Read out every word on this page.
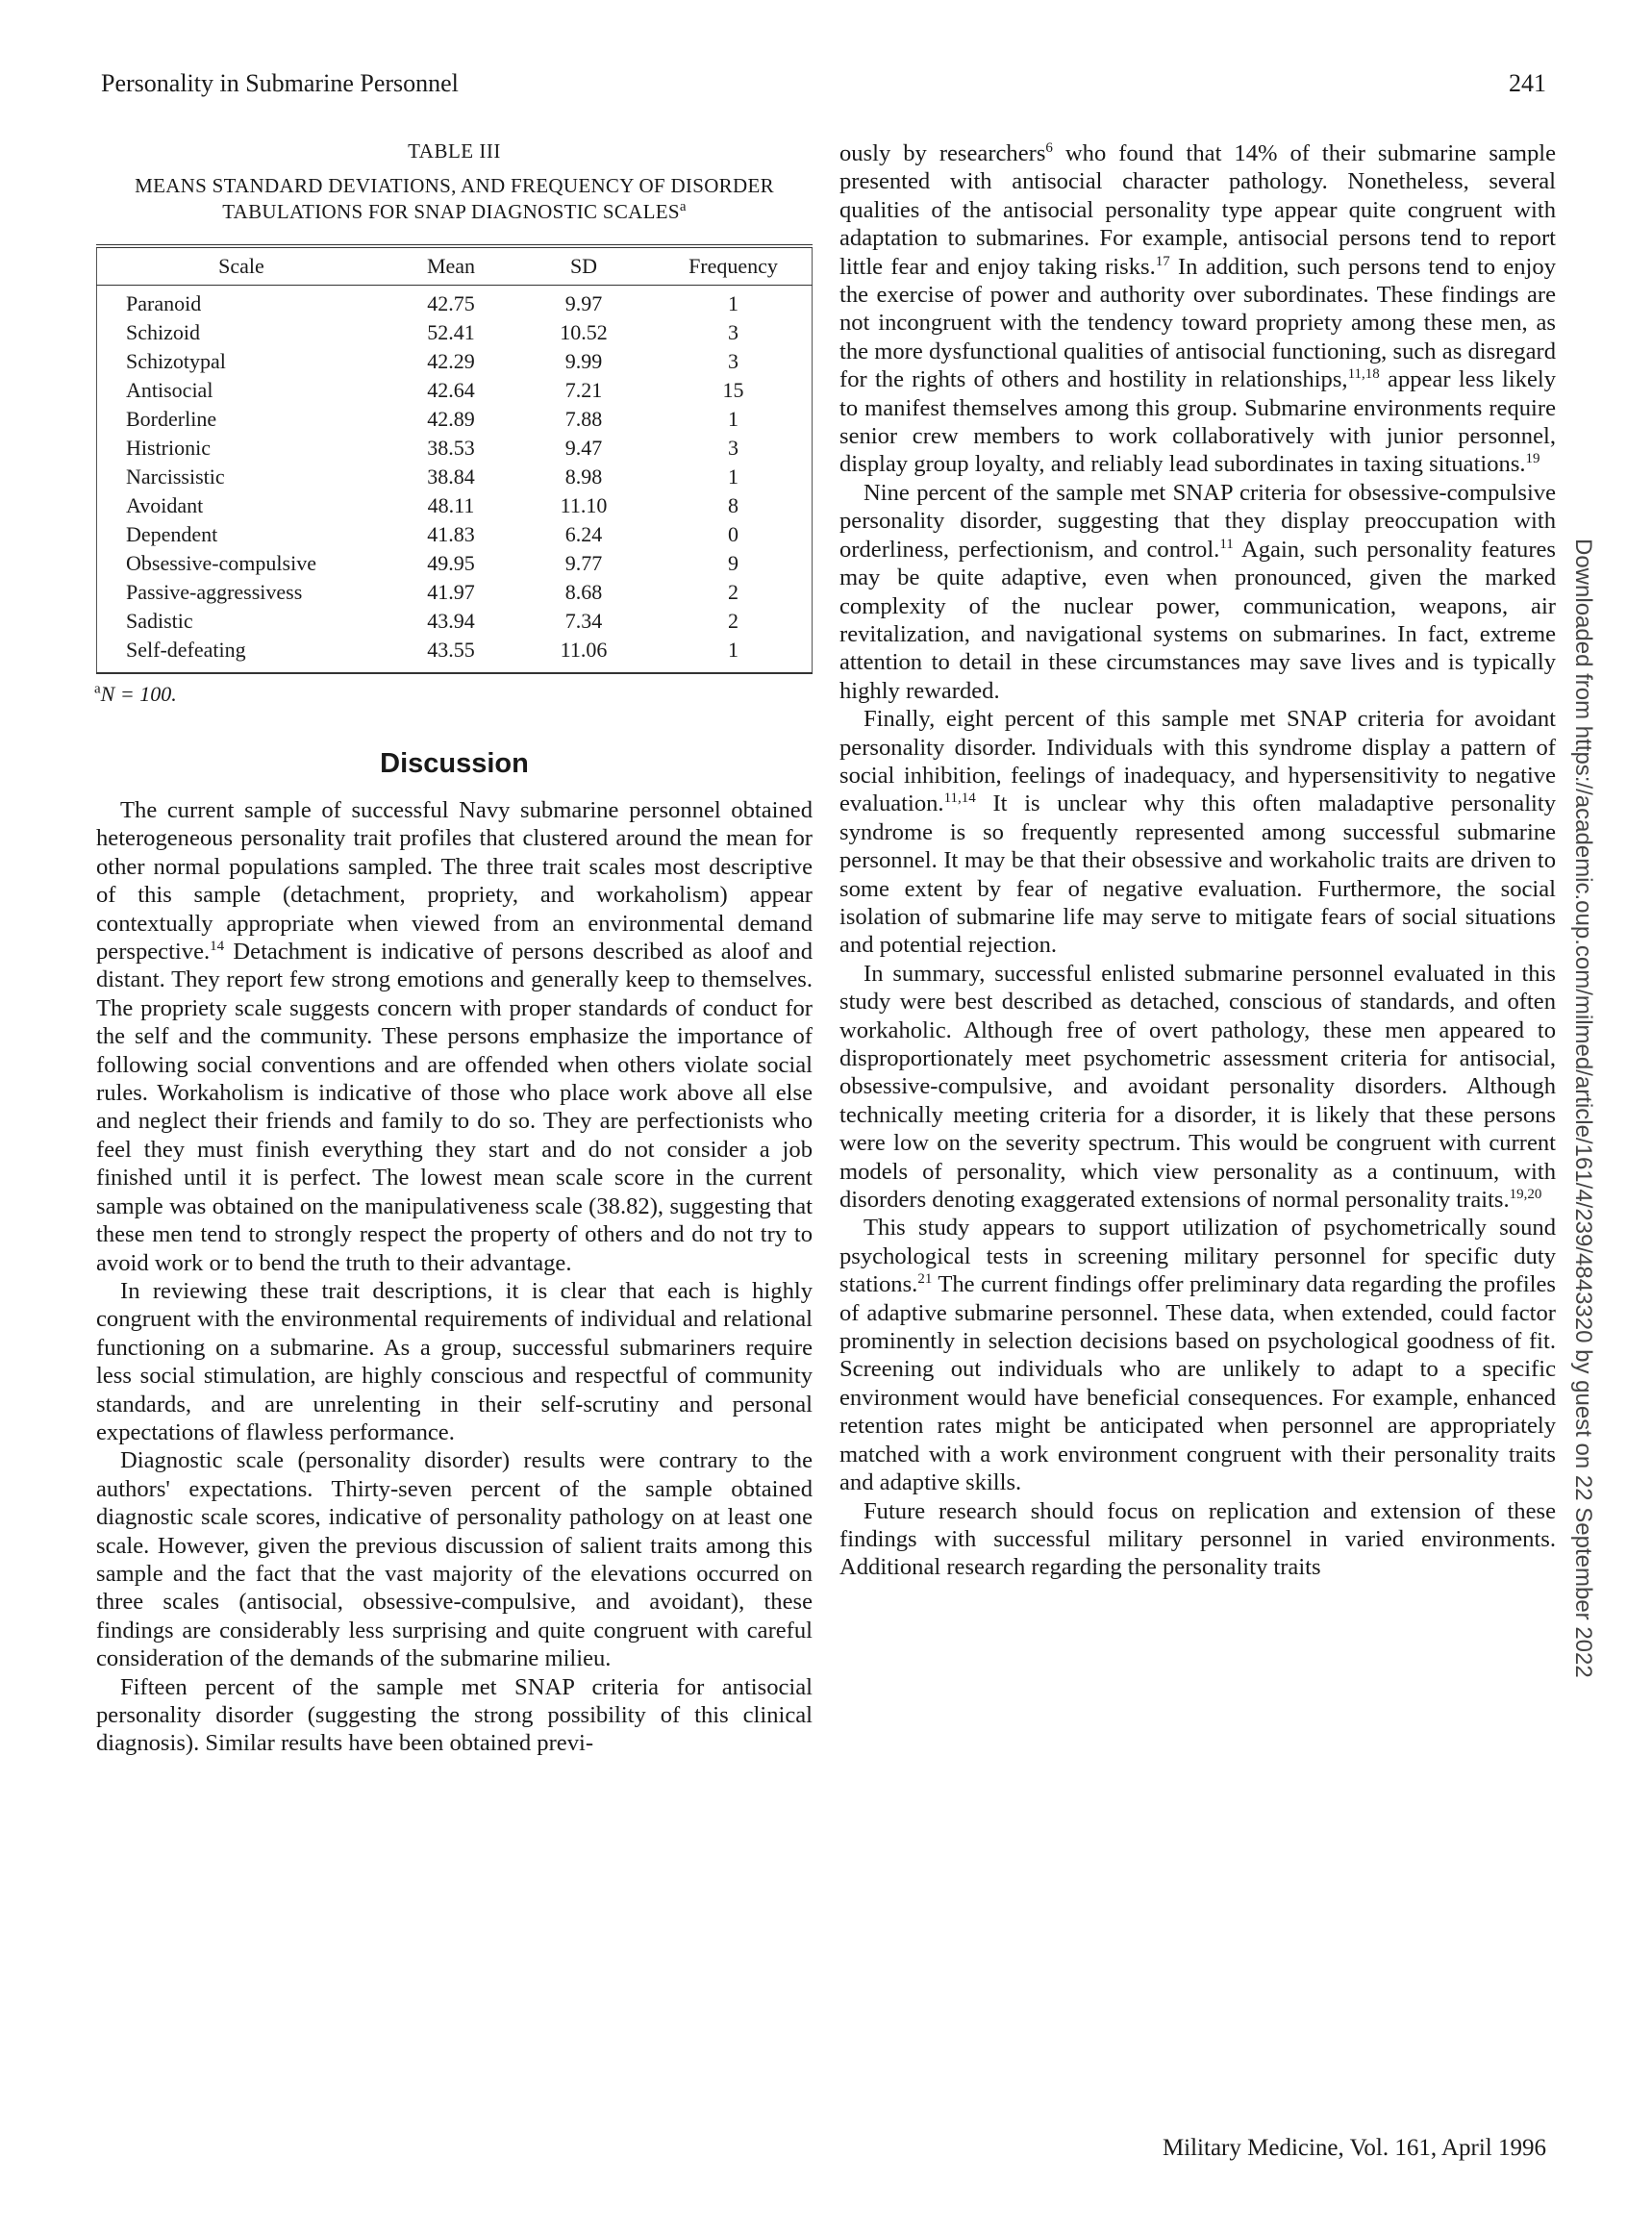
Personality in Submarine Personnel	241
TABLE III
MEANS STANDARD DEVIATIONS, AND FREQUENCY OF DISORDER
TABULATIONS FOR SNAP DIAGNOSTIC SCALES$^a$
Scale	Mean	SD	Frequency
Paranoid	42.75	9.97	1
Schizoid	52.41	10.52	3
Schizotypal	42.29	9.99	3
Antisocial	42.64	7.21	15
Borderline	42.89	7.88	1
Histrionic	38.53	9.47	3
Narcissistic	38.84	8.98	1
Avoidant	48.11	11.10	8
Dependent	41.83	6.24	0
Obsessive-compulsive	49.95	9.77	9
Passive-aggressivess	41.97	8.68	2
Sadistic	43.94	7.34	2
Self-defeating	43.55	11.06	1
$^a$N = 100.
Discussion

The current sample of successful Navy submarine personnel obtained heterogeneous personality trait profiles that clustered around the mean for other normal populations sampled. The three trait scales most descriptive of this sample (detachment, propriety, and workaholism) appear contextually appropriate when viewed from an environmental demand perspective.$^{14}$ Detachment is indicative of persons described as aloof and distant. They report few strong emotions and generally keep to themselves. The propriety scale suggests concern with proper standards of conduct for the self and the community. These persons emphasize the importance of following social conventions and are offended when others violate social rules. Workaholism is indicative of those who place work above all else and neglect their friends and family to do so. They are perfectionists who feel they must finish everything they start and do not consider a job finished until it is perfect. The lowest mean scale score in the current sample was obtained on the manipulativeness scale (38.82), suggesting that these men tend to strongly respect the property of others and do not try to avoid work or to bend the truth to their advantage.

In reviewing these trait descriptions, it is clear that each is highly congruent with the environmental requirements of individual and relational functioning on a submarine. As a group, successful submariners require less social stimulation, are highly conscious and respectful of community standards, and are unrelenting in their self-scrutiny and personal expectations of flawless performance.

Diagnostic scale (personality disorder) results were contrary to the authors' expectations. Thirty-seven percent of the sample obtained diagnostic scale scores, indicative of personality pathology on at least one scale. However, given the previous discussion of salient traits among this sample and the fact that the vast majority of the elevations occurred on three scales (antisocial, obsessive-compulsive, and avoidant), these findings are considerably less surprising and quite congruent with careful consideration of the demands of the submarine milieu.

Fifteen percent of the sample met SNAP criteria for antisocial personality disorder (suggesting the strong possibility of this clinical diagnosis). Similar results have been obtained previ-

ously by researchers$^6$ who found that 14% of their submarine sample presented with antisocial character pathology. Nonetheless, several qualities of the antisocial personality type appear quite congruent with adaptation to submarines. For example, antisocial persons tend to report little fear and enjoy taking risks.$^{17}$ In addition, such persons tend to enjoy the exercise of power and authority over subordinates. These findings are not incongruent with the tendency toward propriety among these men, as the more dysfunctional qualities of antisocial functioning, such as disregard for the rights of others and hostility in relationships,$^{11,18}$ appear less likely to manifest themselves among this group. Submarine environments require senior crew members to work collaboratively with junior personnel, display group loyalty, and reliably lead subordinates in taxing situations.$^{19}$

Nine percent of the sample met SNAP criteria for obsessive-compulsive personality disorder, suggesting that they display preoccupation with orderliness, perfectionism, and control.$^{11}$ Again, such personality features may be quite adaptive, even when pronounced, given the marked complexity of the nuclear power, communication, weapons, air revitalization, and navigational systems on submarines. In fact, extreme attention to detail in these circumstances may save lives and is typically highly rewarded.

Finally, eight percent of this sample met SNAP criteria for avoidant personality disorder. Individuals with this syndrome display a pattern of social inhibition, feelings of inadequacy, and hypersensitivity to negative evaluation.$^{11,14}$ It is unclear why this often maladaptive personality syndrome is so frequently represented among successful submarine personnel. It may be that their obsessive and workaholic traits are driven to some extent by fear of negative evaluation. Furthermore, the social isolation of submarine life may serve to mitigate fears of social situations and potential rejection.

In summary, successful enlisted submarine personnel evaluated in this study were best described as detached, conscious of standards, and often workaholic. Although free of overt pathology, these men appeared to disproportionately meet psychometric assessment criteria for antisocial, obsessive-compulsive, and avoidant personality disorders. Although technically meeting criteria for a disorder, it is likely that these persons were low on the severity spectrum. This would be congruent with current models of personality, which view personality as a continuum, with disorders denoting exaggerated extensions of normal personality traits.$^{19,20}$

This study appears to support utilization of psychometrically sound psychological tests in screening military personnel for specific duty stations.$^{21}$ The current findings offer preliminary data regarding the profiles of adaptive submarine personnel. These data, when extended, could factor prominently in selection decisions based on psychological goodness of fit. Screening out individuals who are unlikely to adapt to a specific environment would have beneficial consequences. For example, enhanced retention rates might be anticipated when personnel are appropriately matched with a work environment congruent with their personality traits and adaptive skills.

Future research should focus on replication and extension of these findings with successful military personnel in varied environments. Additional research regarding the personality traits	Downloaded from https://academic.oup.com/milmed/article/161/4/239/4843320 by guest on 22 September 2022
Military Medicine, Vol. 161, April 1996
